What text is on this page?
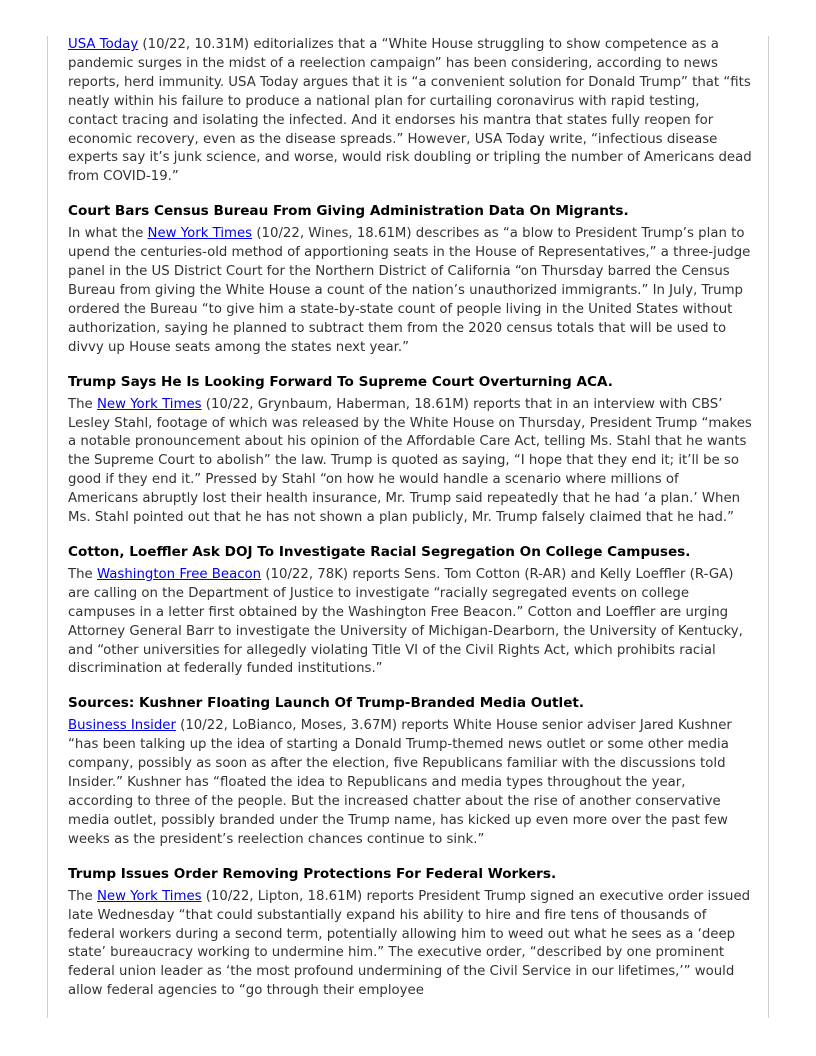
USA Today (10/22, 10.31M) editorializes that a “White House struggling to show competence as a pandemic surges in the midst of a reelection campaign” has been considering, according to news reports, herd immunity. USA Today argues that it is “a convenient solution for Donald Trump” that “fits neatly within his failure to produce a national plan for curtailing coronavirus with rapid testing, contact tracing and isolating the infected. And it endorses his mantra that states fully reopen for economic recovery, even as the disease spreads.” However, USA Today write, “infectious disease experts say it’s junk science, and worse, would risk doubling or tripling the number of Americans dead from COVID-19.”

Court Bars Census Bureau From Giving Administration Data On Migrants.

In what the New York Times (10/22, Wines, 18.61M) describes as “a blow to President Trump’s plan to upend the centuries-old method of apportioning seats in the House of Representatives,” a three-judge panel in the US District Court for the Northern District of California “on Thursday barred the Census Bureau from giving the White House a count of the nation’s unauthorized immigrants.” In July, Trump ordered the Bureau “to give him a state-by-state count of people living in the United States without authorization, saying he planned to subtract them from the 2020 census totals that will be used to divvy up House seats among the states next year.”

Trump Says He Is Looking Forward To Supreme Court Overturning ACA.

The New York Times (10/22, Grynbaum, Haberman, 18.61M) reports that in an interview with CBS’ Lesley Stahl, footage of which was released by the White House on Thursday, President Trump “makes a notable pronouncement about his opinion of the Affordable Care Act, telling Ms. Stahl that he wants the Supreme Court to abolish” the law. Trump is quoted as saying, “I hope that they end it; it’ll be so good if they end it.” Pressed by Stahl “on how he would handle a scenario where millions of Americans abruptly lost their health insurance, Mr. Trump said repeatedly that he had ‘a plan.’ When Ms. Stahl pointed out that he has not shown a plan publicly, Mr. Trump falsely claimed that he had.”

Cotton, Loeffler Ask DOJ To Investigate Racial Segregation On College Campuses.

The Washington Free Beacon (10/22, 78K) reports Sens. Tom Cotton (R-AR) and Kelly Loeffler (R-GA) are calling on the Department of Justice to investigate “racially segregated events on college campuses in a letter first obtained by the Washington Free Beacon.” Cotton and Loeffler are urging Attorney General Barr to investigate the University of Michigan-Dearborn, the University of Kentucky, and “other universities for allegedly violating Title VI of the Civil Rights Act, which prohibits racial discrimination at federally funded institutions.”

Sources: Kushner Floating Launch Of Trump-Branded Media Outlet.

Business Insider (10/22, LoBianco, Moses, 3.67M) reports White House senior adviser Jared Kushner “has been talking up the idea of starting a Donald Trump-themed news outlet or some other media company, possibly as soon as after the election, five Republicans familiar with the discussions told Insider.” Kushner has “floated the idea to Republicans and media types throughout the year, according to three of the people. But the increased chatter about the rise of another conservative media outlet, possibly branded under the Trump name, has kicked up even more over the past few weeks as the president’s reelection chances continue to sink.”

Trump Issues Order Removing Protections For Federal Workers.

The New York Times (10/22, Lipton, 18.61M) reports President Trump signed an executive order issued late Wednesday “that could substantially expand his ability to hire and fire tens of thousands of federal workers during a second term, potentially allowing him to weed out what he sees as a ‘deep state’ bureaucracy working to undermine him.” The executive order, “described by one prominent federal union leader as ‘the most profound undermining of the Civil Service in our lifetimes,’” would allow federal agencies to “go through their employee
